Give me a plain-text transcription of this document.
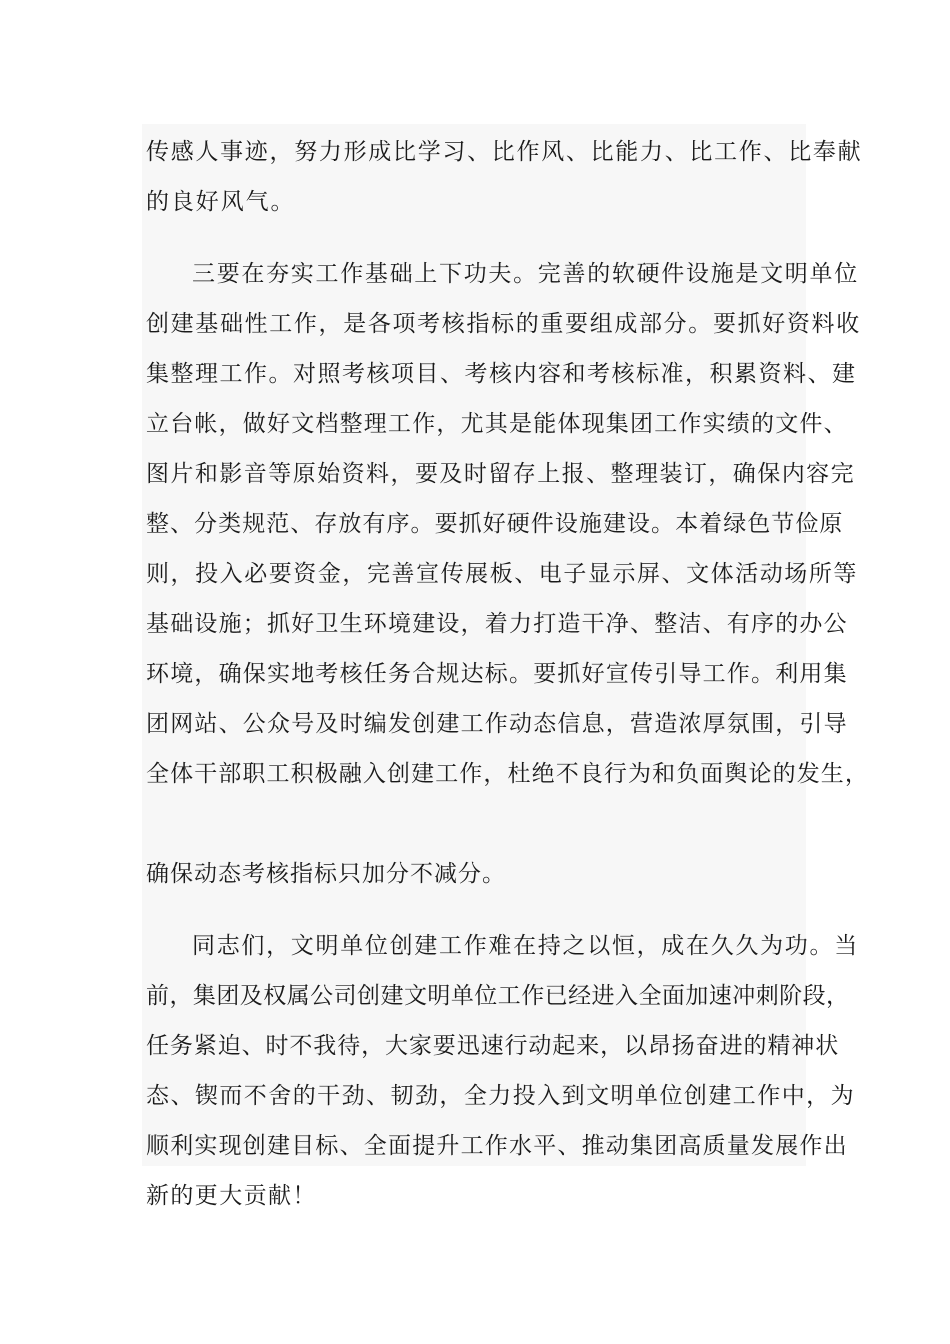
传感人事迹，努力形成比学习、比作风、比能力、比工作、比奉献
的良好风气。
三要在夯实工作基础上下功夫。完善的软硬件设施是文明单位
创建基础性工作，是各项考核指标的重要组成部分。要抓好资料收
集整理工作。对照考核项目、考核内容和考核标准，积累资料、建
立台帐，做好文档整理工作，尤其是能体现集团工作实绩的文件、
图片和影音等原始资料，要及时留存上报、整理装订，确保内容完
整、分类规范、存放有序。要抓好硬件设施建设。本着绿色节俭原
则，投入必要资金，完善宣传展板、电子显示屏、文体活动场所等
基础设施；抓好卫生环境建设，着力打造干净、整洁、有序的办公
环境，确保实地考核任务合规达标。要抓好宣传引导工作。利用集
团网站、公众号及时编发创建工作动态信息，营造浓厚氛围，引导
全体干部职工积极融入创建工作，杜绝不良行为和负面舆论的发生，
确保动态考核指标只加分不减分。
同志们，文明单位创建工作难在持之以恒，成在久久为功。当
前，集团及权属公司创建文明单位工作已经进入全面加速冲刺阶段，
任务紧迫、时不我待，大家要迅速行动起来，以昂扬奋进的精神状
态、锲而不舍的干劲、韧劲，全力投入到文明单位创建工作中，为
顺利实现创建目标、全面提升工作水平、推动集团高质量发展作出
新的更大贡献！
